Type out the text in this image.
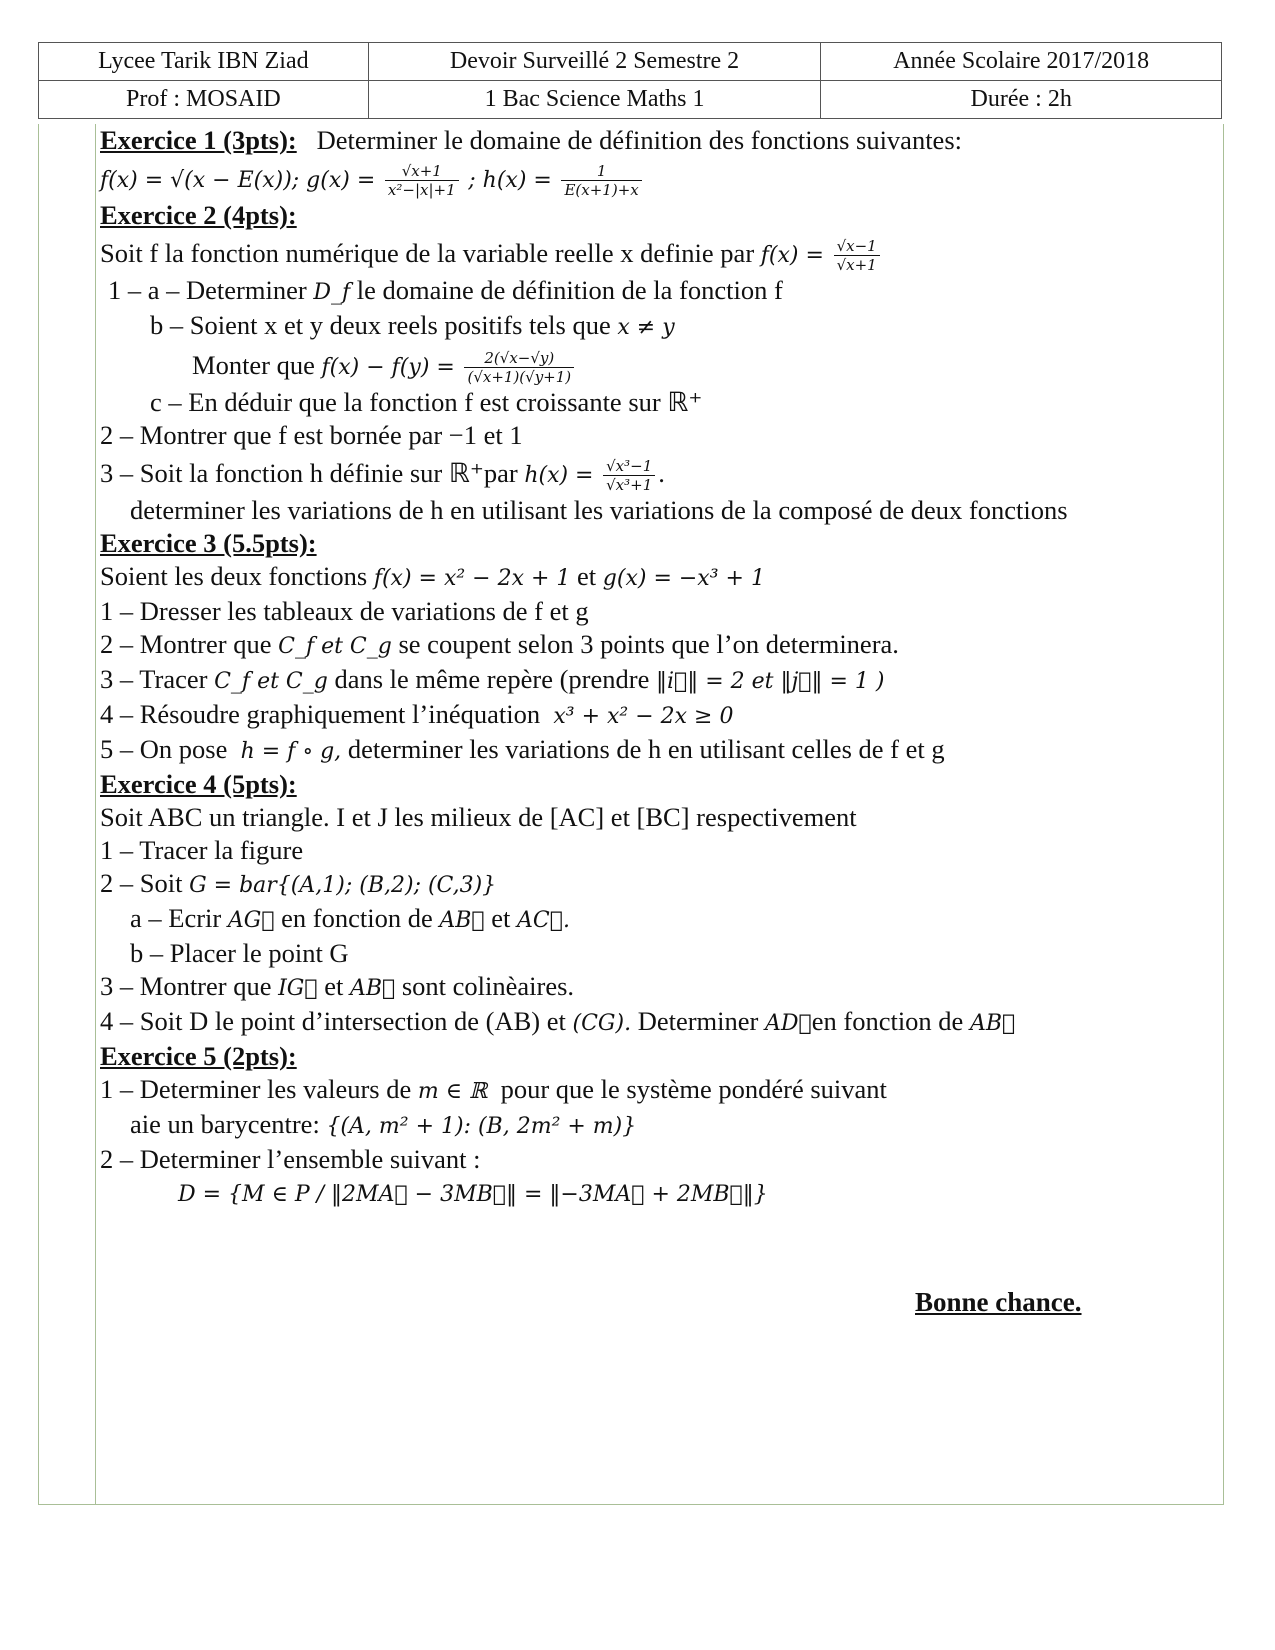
Lycee Tarik IBN Ziad	Devoir Surveillé 2 Semestre 2	Année Scolaire 2017/2018
Prof : MOSAID	1 Bac Science Maths 1	Durée : 2h
Exercice 1 (3pts): Determiner le domaine de définition des fonctions suivantes:
f(x) = √(x − E(x)); $g(x) = \frac{√x+1}{\text{x²−|x|+1}}$ ; $h(x) = \frac{1}{E(x+1)+x}$
Exercice 2 (4pts):
Soit f la fonction numérique de la variable reelle x definie par $f(x) = \frac{√x-1}{√x+1}$
1 – a – Determiner D_f le domaine de définition de la fonction f
b – Soient x et y deux reels positifs tels que x ≠ y
Monter que $f(x) - f(y) = \frac{2(√x-√y)}{(√x+1)(√y+1)}$
c – En déduir que la fonction f est croissante sur ℝ⁺
2 – Montrer que f est bornée par −1 et 1
3 – Soit la fonction h définie sur ℝ⁺par $h(x) = \frac{\text{√x³−1}}{\text{√x³+1}}$ .
determiner les variations de h en utilisant les variations de la composé de deux fonctions
Exercice 3 (5.5pts):
Soient les deux fonctions f(x) = x² − 2x + 1 et g(x) = −x³ + 1
1 – Dresser les tableaux de variations de f et g
2 – Montrer que C_f et C_g se coupent selon 3 points que l’on determinera.
3 – Tracer C_f et C_g dans le même repère (prendre ‖i⃗‖ = 2 et ‖j⃗‖ = 1 )
4 – Résoudre graphiquement l’inéquation x³ + x² − 2x ≥ 0
5 – On pose h = f ∘ g, determiner les variations de h en utilisant celles de f et g
Exercice 4 (5pts):
Soit ABC un triangle. I et J les milieux de [AC] et [BC] respectivement
1 – Tracer la figure
2 – Soit G = bar{(A,1); (B,2); (C,3)}
a – Ecrir AG⃗ en fonction de AB⃗ et AC⃗.
b – Placer le point G
3 – Montrer que IG⃗ et AB⃗ sont colinèaires.
4 – Soit D le point d’intersection de (AB) et (CG). Determiner AD⃗en fonction de AB⃗
Exercice 5 (2pts):
1 – Determiner les valeurs de m ∈ ℝ pour que le système pondéré suivant
aie un barycentre: {(A, m² + 1): (B, 2m² + m)}
2 – Determiner l’ensemble suivant :
D = {M ∈ P / ‖2MA⃗ − 3MB⃗‖ = ‖−3MA⃗ + 2MB⃗‖}
Bonne chance.
